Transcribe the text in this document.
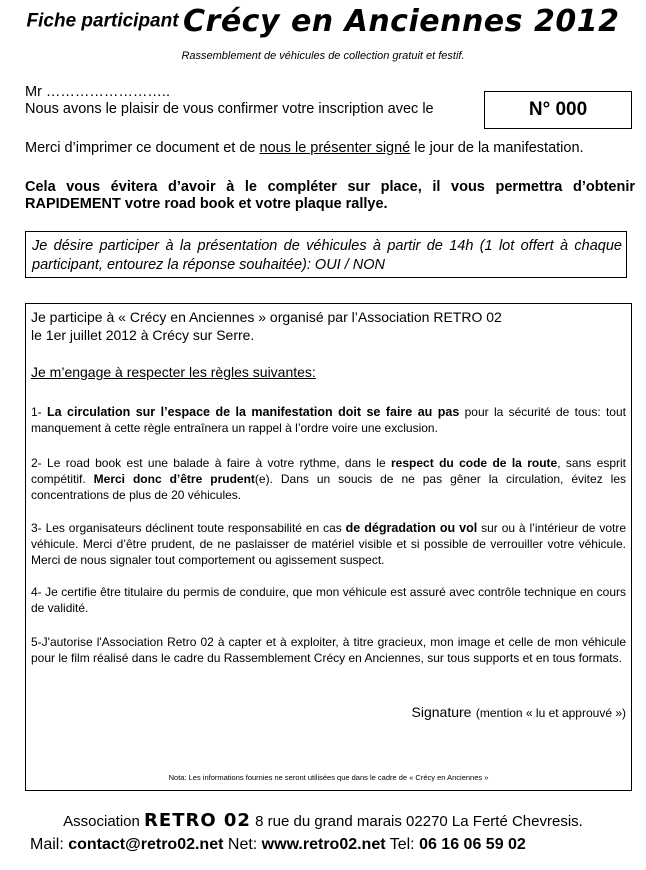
Fiche participant Crécy en Anciennes 2012
Rassemblement de véhicules de collection gratuit et festif.
Mr ……………………..
Nous avons le plaisir de vous confirmer votre inscription avec le	N° 000
Merci d’imprimer ce document et de nous le présenter signé le jour de la manifestation.
Cela vous évitera d’avoir à le compléter sur place, il vous permettra d’obtenir RAPIDEMENT votre road book et votre plaque rallye.
Je désire participer à la présentation de véhicules à partir de 14h (1 lot offert à chaque participant, entourez la réponse souhaitée): OUI / NON
Je participe à « Crécy en Anciennes » organisé par l’Association RETRO 02
le 1er juillet 2012 à Crécy sur Serre.
Je m’engage à respecter les règles suivantes:
1- La circulation sur l’espace de la manifestation doit se faire au pas pour la sécurité de tous: tout manquement à cette règle entraînera un rappel à l’ordre voire une exclusion.
2- Le road book est une balade à faire à votre rythme, dans le respect du code de la route, sans esprit compétitif. Merci donc d’être prudent(e). Dans un soucis de ne pas gêner la circulation, évitez les concentrations de plus de 20 véhicules.
3- Les organisateurs déclinent toute responsabilité en cas de dégradation ou vol sur ou à l’intérieur de votre véhicule. Merci d’être prudent, de ne paslaisser de matériel visible et si possible de verrouiller votre véhicule. Merci de nous signaler tout comportement ou agissement suspect.
4- Je certifie être titulaire du permis de conduire, que mon véhicule est assuré avec contrôle technique en cours de validité.
5-J'autorise l'Association Retro 02 à capter et à exploiter, à titre gracieux, mon image et celle de mon véhicule pour le film réalisé dans le cadre du Rassemblement Crécy en Anciennes, sur tous supports et en tous formats.
Signature (mention « lu et approuvé »)
Nota: Les informations fournies ne seront utilisées que dans le cadre de « Crécy en Anciennes »
Association RETRO 02 8 rue du grand marais 02270 La Ferté Chevresis.
Mail: contact@retro02.net Net: www.retro02.net Tel: 06 16 06 59 02
